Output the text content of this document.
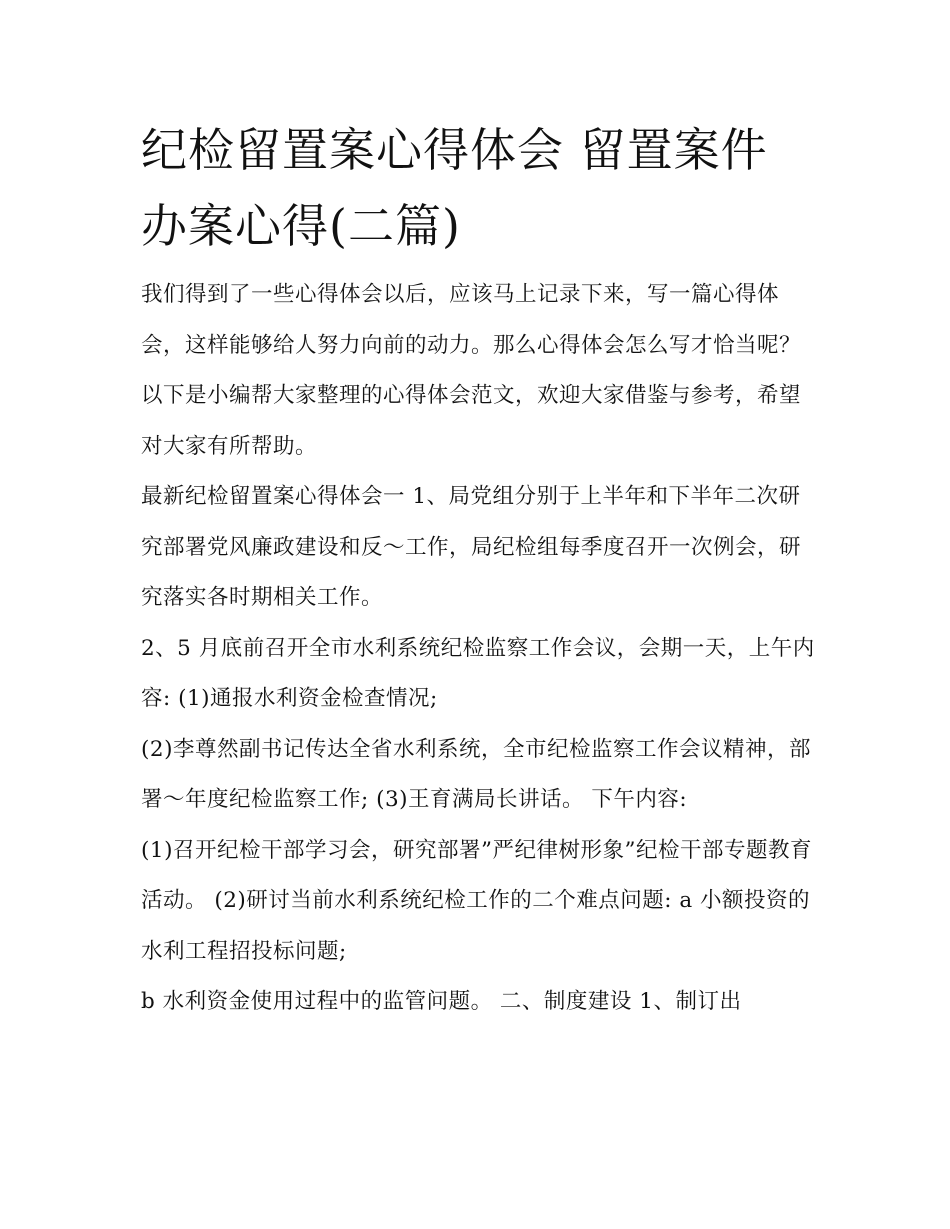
纪检留置案心得体会 留置案件
办案心得(二篇)

我们得到了一些心得体会以后，应该马上记录下来，写一篇心得体会，这样能够给人努力向前的动力。那么心得体会怎么写才恰当呢？以下是小编帮大家整理的心得体会范文，欢迎大家借鉴与参考，希望对大家有所帮助。

最新纪检留置案心得体会一 1、局党组分别于上半年和下半年二次研究部署党风廉政建设和反～工作，局纪检组每季度召开一次例会，研究落实各时期相关工作。

2、5 月底前召开全市水利系统纪检监察工作会议，会期一天，上午内容: (1)通报水利资金检查情况;

(2)李尊然副书记传达全省水利系统，全市纪检监察工作会议精神，部署～年度纪检监察工作; (3)王育满局长讲话。 下午内容:

(1)召开纪检干部学习会，研究部署”严纪律树形象”纪检干部专题教育活动。 (2)研讨当前水利系统纪检工作的二个难点问题: a 小额投资的水利工程招投标问题;

b 水利资金使用过程中的监管问题。 二、制度建设 1、制订出
